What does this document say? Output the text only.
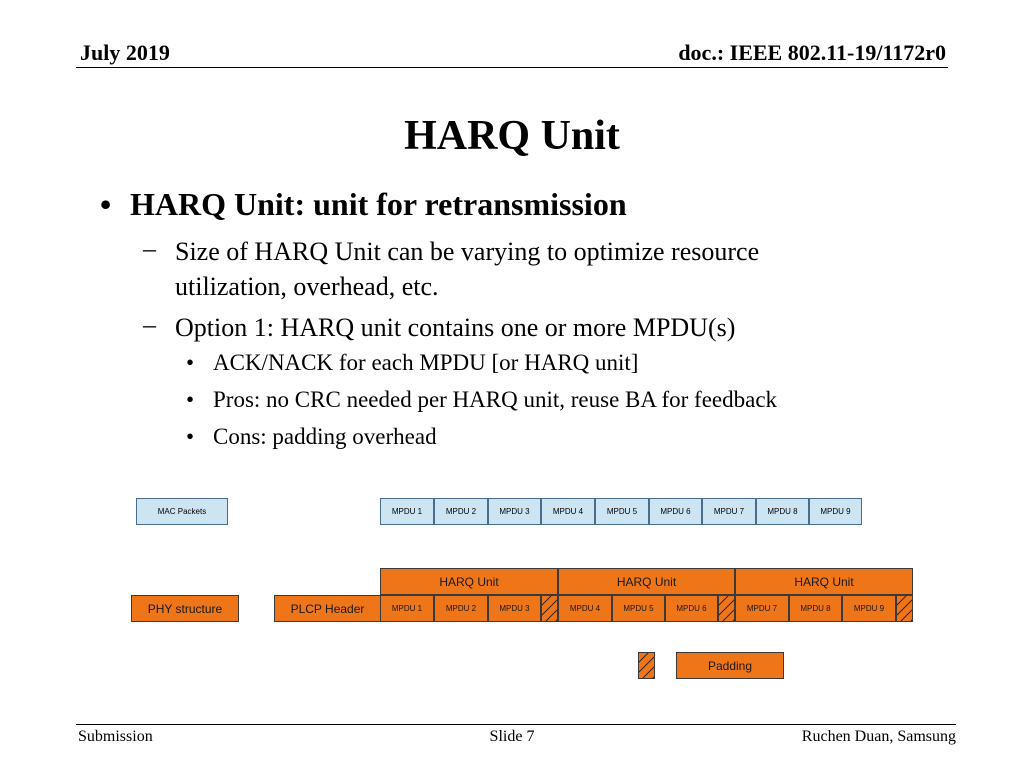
July 2019	doc.: IEEE 802.11-19/1172r0
HARQ Unit
• HARQ Unit: unit for retransmission
– Size of HARQ Unit can be varying to optimize resource utilization, overhead, etc.
– Option 1: HARQ unit contains one or more MPDU(s)
• ACK/NACK for each MPDU [or HARQ unit]
• Pros: no CRC needed per HARQ unit, reuse BA for feedback
• Cons: padding overhead
MAC Packets	MPDU 1	MPDU 2	MPDU 3	MPDU 4	MPDU 5	MPDU 6	MPDU 7	MPDU 8	MPDU 9
HARQ Unit	HARQ Unit	HARQ Unit
PHY structure	PLCP Header	MPDU 1	MPDU 2	MPDU 3	MPDU 4	MPDU 5	MPDU 6	MPDU 7	MPDU 8	MPDU 9
Padding
Submission	Slide 7	Ruchen Duan, Samsung
